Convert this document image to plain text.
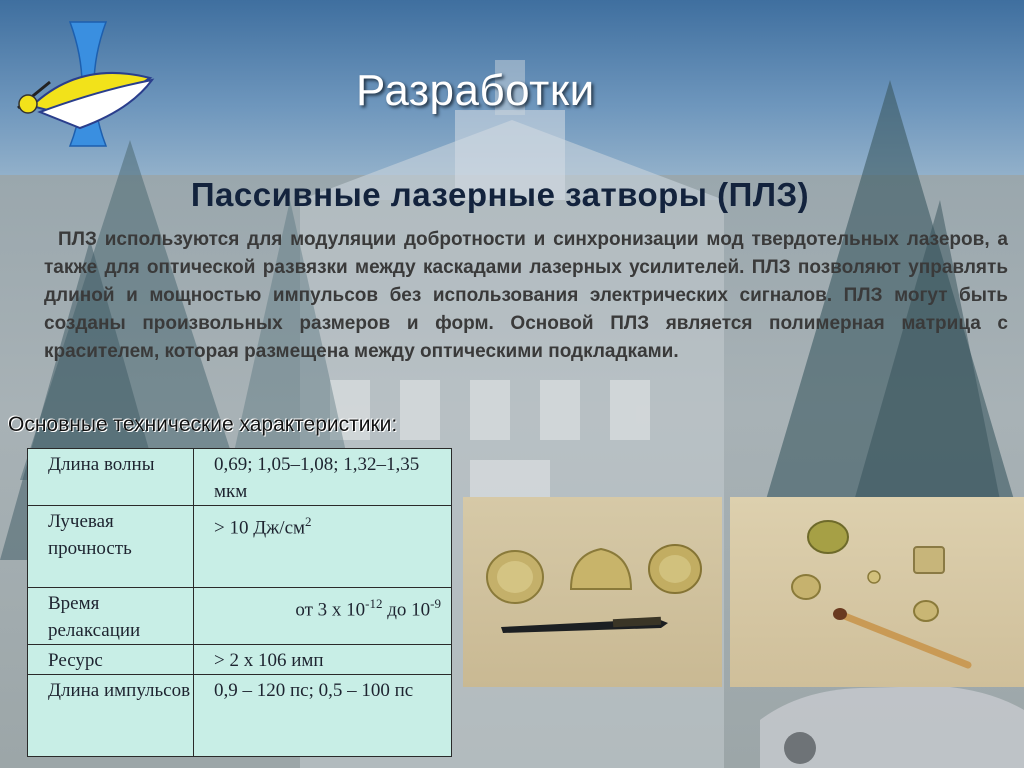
Разработки
Пассивные лазерные затворы (ПЛЗ)
ПЛЗ используются для модуляции добротности и синхронизации мод твердотельных лазеров, а также для оптической развязки между каскадами лазерных усилителей. ПЛЗ позволяют управлять длиной и мощностью импульсов без использования электрических сигналов. ПЛЗ могут быть созданы произвольных размеров и форм. Основой ПЛЗ является полимерная матрица с красителем, которая размещена между оптическими подкладками.
Основные технические характеристики:
Длина волны	0,69; 1,05–1,08; 1,32–1,35 мкм
Лучевая прочность	> 10 $Дж/см^2$
Время релаксации	от 3 х $10^{-12}$ до $10^{-9}$
Ресурс	> 2 х 106 имп
Длина импульсов	0,9 – 120 пс; 0,5 – 100 пс
